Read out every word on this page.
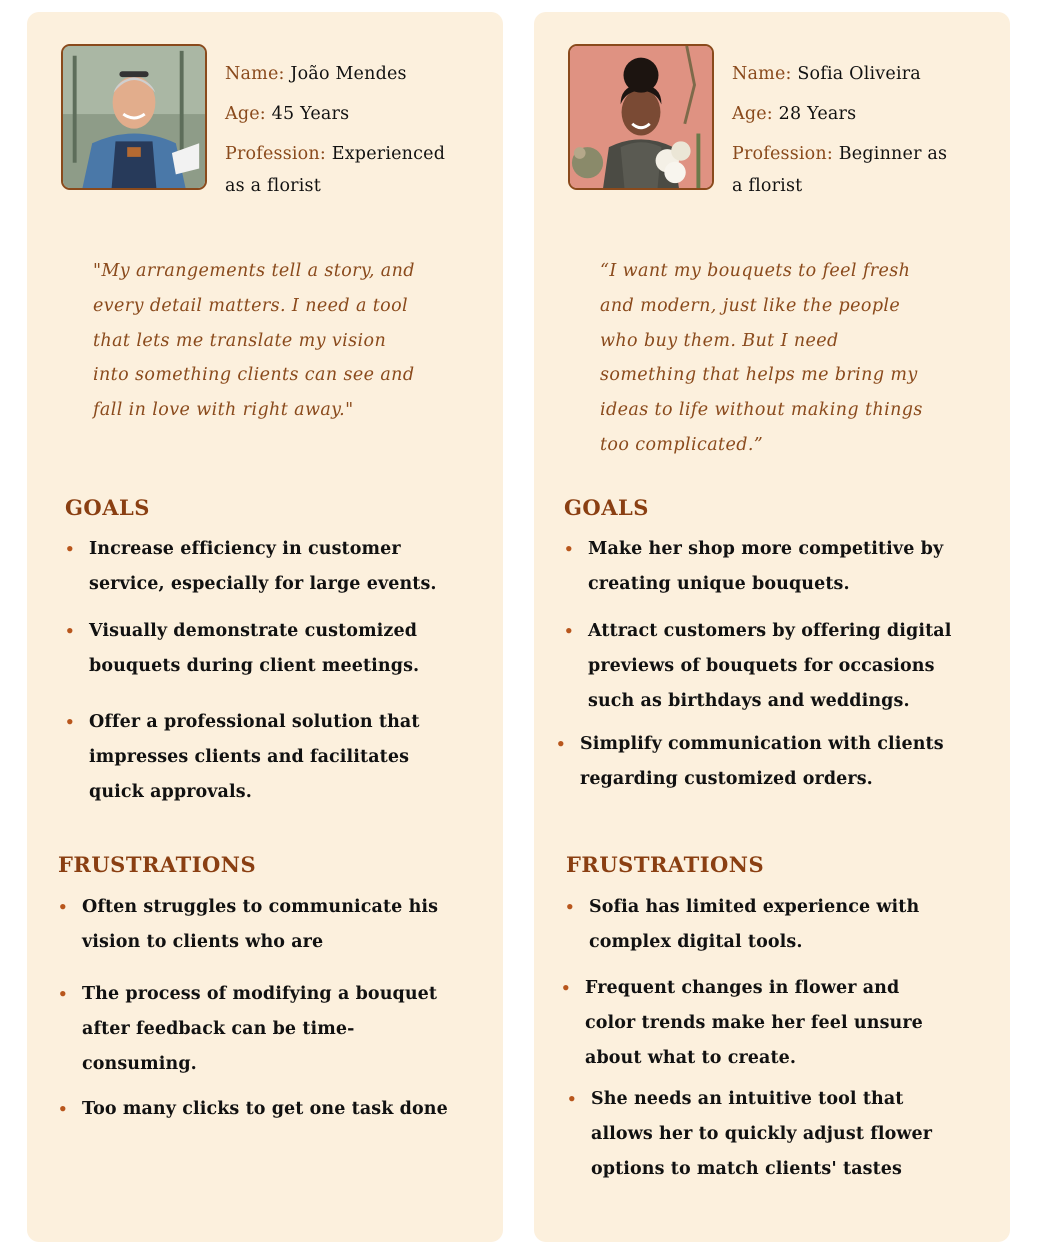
Name: João Mendes
Age: 45 Years
Profession: Experienced
as a florist
"My arrangements tell a story, and
every detail matters. I need a tool
that lets me translate my vision
into something clients can see and
fall in love with right away."
GOALS
• Increase efficiency in customer
service, especially for large events.
• Visually demonstrate customized
bouquets during client meetings.
• Offer a professional solution that
impresses clients and facilitates
quick approvals.
FRUSTRATIONS
• Often struggles to communicate his
vision to clients who are
• The process of modifying a bouquet
after feedback can be time-
consuming.
• Too many clicks to get one task done
Name: Sofia Oliveira
Age: 28 Years
Profession: Beginner as
a florist
“I want my bouquets to feel fresh
and modern, just like the people
who buy them. But I need
something that helps me bring my
ideas to life without making things
too complicated.”
GOALS
• Make her shop more competitive by
creating unique bouquets.
• Attract customers by offering digital
previews of bouquets for occasions
such as birthdays and weddings.
• Simplify communication with clients
regarding customized orders.
FRUSTRATIONS
• Sofia has limited experience with
complex digital tools.
• Frequent changes in flower and
color trends make her feel unsure
about what to create.
• She needs an intuitive tool that
allows her to quickly adjust flower
options to match clients' tastes
